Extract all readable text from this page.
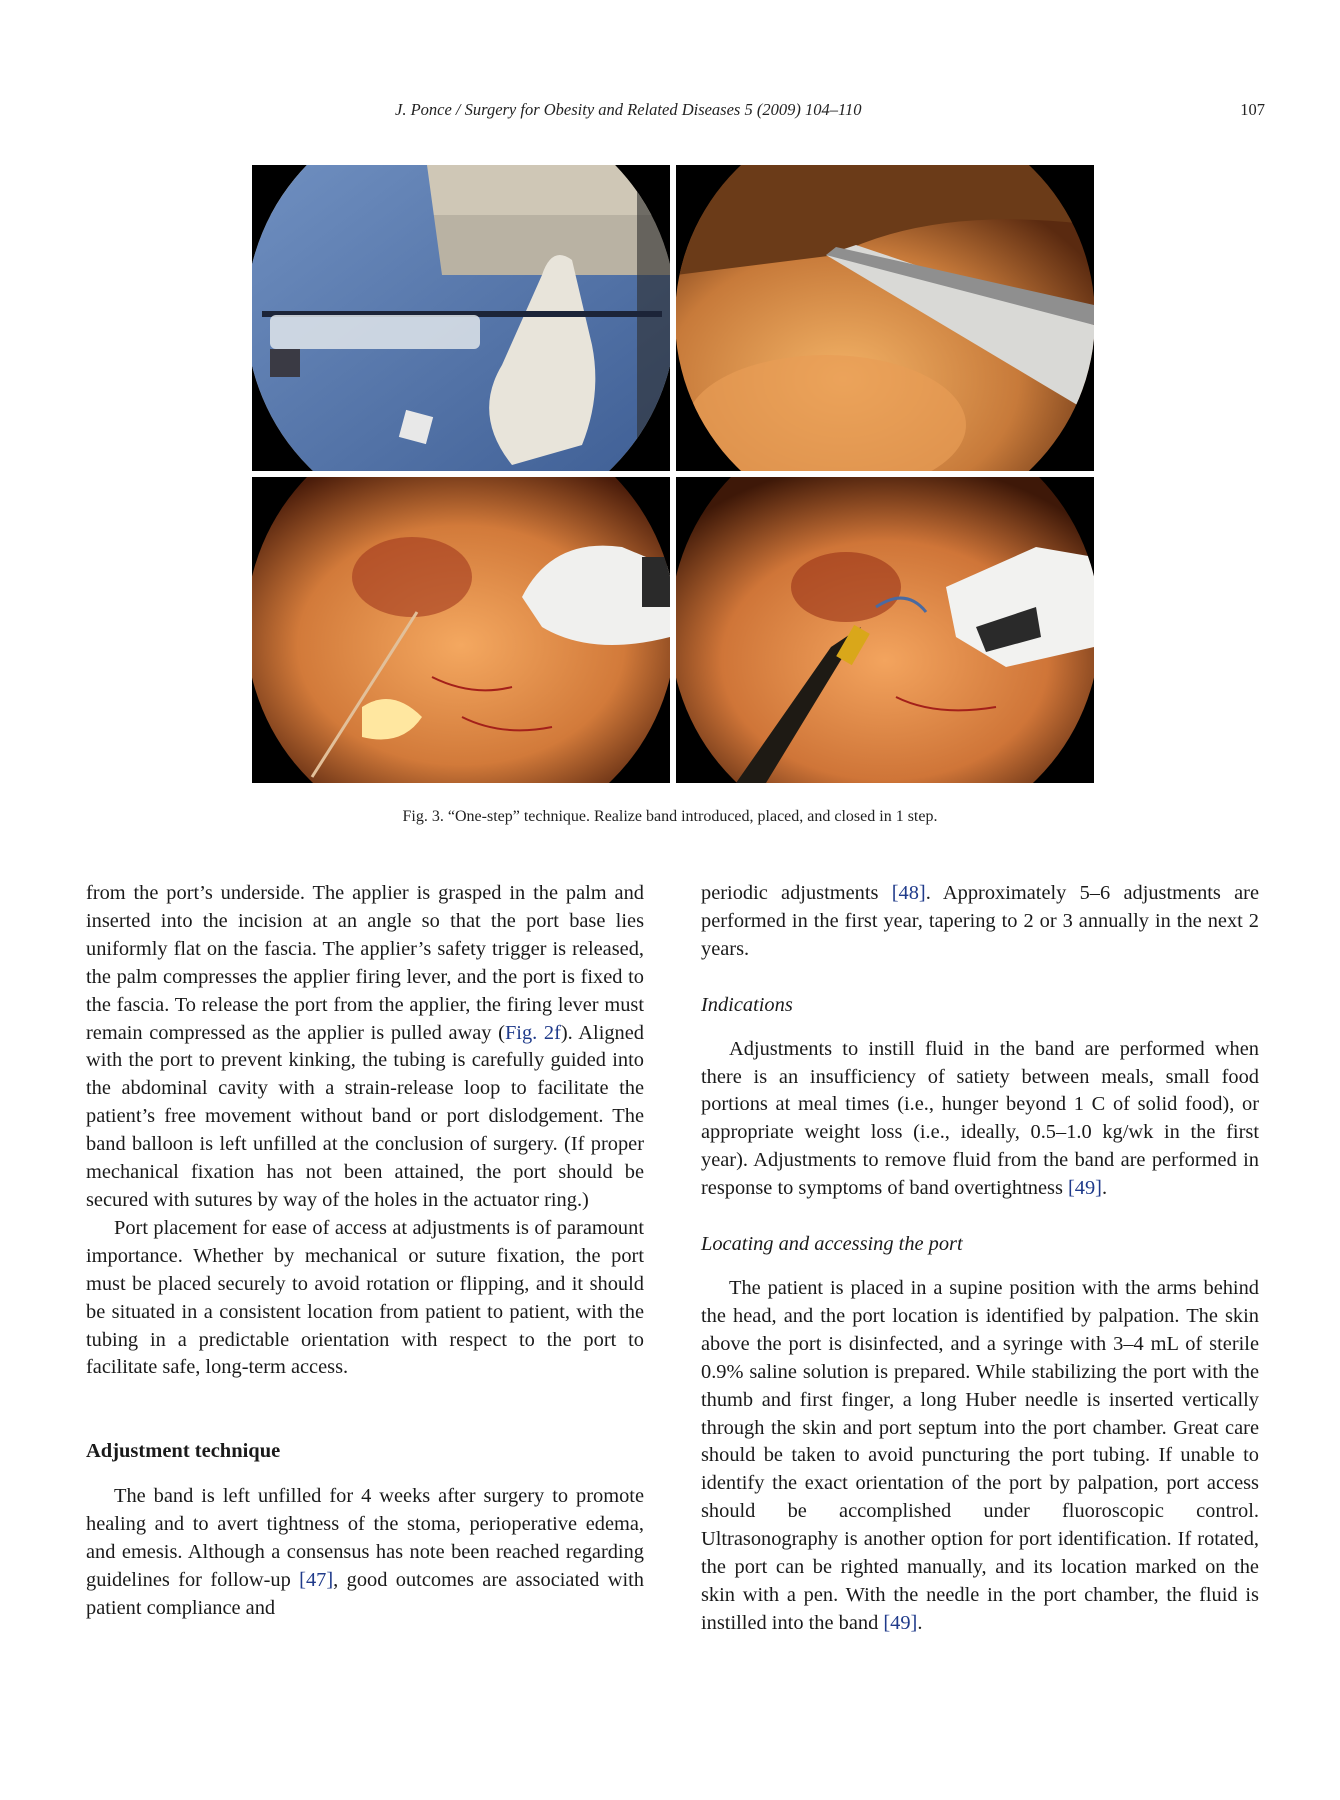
J. Ponce / Surgery for Obesity and Related Diseases 5 (2009) 104–110	107
Fig. 3. “One-step” technique. Realize band introduced, placed, and closed in 1 step.

from the port’s underside. The applier is grasped in the palm and inserted into the incision at an angle so that the port base lies uniformly flat on the fascia. The applier’s safety trigger is released, the palm compresses the applier firing lever, and the port is fixed to the fascia. To release the port from the applier, the firing lever must remain compressed as the applier is pulled away (Fig. 2f). Aligned with the port to prevent kinking, the tubing is carefully guided into the abdominal cavity with a strain-release loop to facilitate the patient’s free movement without band or port dislodgement. The band balloon is left unfilled at the conclusion of surgery. (If proper mechanical fixation has not been attained, the port should be secured with sutures by way of the holes in the actuator ring.)

Port placement for ease of access at adjustments is of paramount importance. Whether by mechanical or suture fixation, the port must be placed securely to avoid rotation or flipping, and it should be situated in a consistent location from patient to patient, with the tubing in a predictable orientation with respect to the port to facilitate safe, long-term access.

Adjustment technique

The band is left unfilled for 4 weeks after surgery to promote healing and to avert tightness of the stoma, perioperative edema, and emesis. Although a consensus has note been reached regarding guidelines for follow-up [47], good outcomes are associated with patient compliance and

periodic adjustments [48]. Approximately 5–6 adjustments are performed in the first year, tapering to 2 or 3 annually in the next 2 years.

Indications

Adjustments to instill fluid in the band are performed when there is an insufficiency of satiety between meals, small food portions at meal times (i.e., hunger beyond 1 C of solid food), or appropriate weight loss (i.e., ideally, 0.5–1.0 kg/wk in the first year). Adjustments to remove fluid from the band are performed in response to symptoms of band overtightness [49].

Locating and accessing the port

The patient is placed in a supine position with the arms behind the head, and the port location is identified by palpation. The skin above the port is disinfected, and a syringe with 3–4 mL of sterile 0.9% saline solution is prepared. While stabilizing the port with the thumb and first finger, a long Huber needle is inserted vertically through the skin and port septum into the port chamber. Great care should be taken to avoid puncturing the port tubing. If unable to identify the exact orientation of the port by palpation, port access should be accomplished under fluoroscopic control. Ultrasonography is another option for port identification. If rotated, the port can be righted manually, and its location marked on the skin with a pen. With the needle in the port chamber, the fluid is instilled into the band [49].
